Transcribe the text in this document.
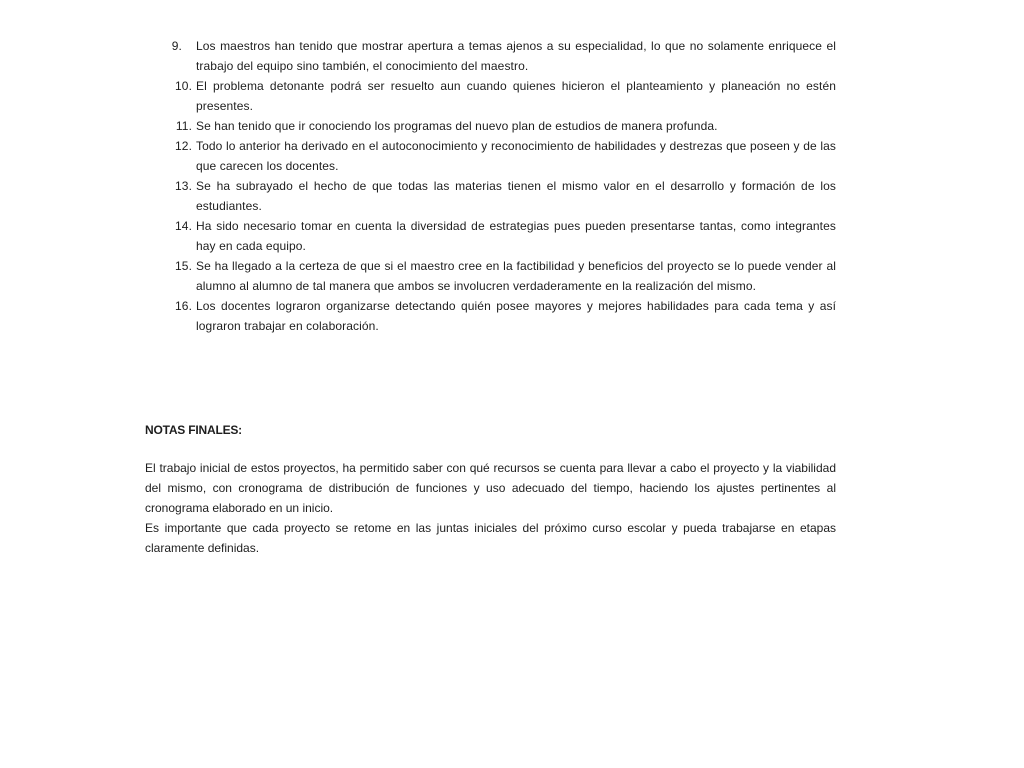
9. Los maestros han tenido que mostrar apertura a temas ajenos a su especialidad, lo que no solamente enriquece el trabajo del equipo sino también, el conocimiento del maestro.
10. El problema detonante podrá ser resuelto aun cuando quienes hicieron el planteamiento y planeación no estén presentes.
11. Se han tenido que ir conociendo los programas del nuevo plan de estudios de manera profunda.
12. Todo lo anterior ha derivado en el autoconocimiento y reconocimiento de habilidades y destrezas que poseen y de las que carecen los docentes.
13. Se ha subrayado el hecho de que todas las materias tienen el mismo valor en el desarrollo y formación de los estudiantes.
14. Ha sido necesario tomar en cuenta la diversidad de estrategias pues pueden presentarse tantas, como integrantes hay en cada equipo.
15. Se ha llegado a la certeza de que si el maestro cree en la factibilidad y beneficios del proyecto se lo puede vender al alumno al alumno de tal manera que ambos se involucren verdaderamente en la realización del mismo.
16. Los docentes lograron organizarse detectando quién posee mayores y mejores habilidades para cada tema y así lograron trabajar en colaboración.
NOTAS FINALES:

El trabajo inicial de estos proyectos, ha permitido saber con qué recursos se cuenta para llevar a cabo el proyecto y la viabilidad del mismo, con cronograma de distribución de funciones y uso adecuado del tiempo, haciendo los ajustes pertinentes al cronograma elaborado en un inicio.

Es importante que cada proyecto se retome en las juntas iniciales del próximo curso escolar y pueda trabajarse en etapas claramente definidas.
